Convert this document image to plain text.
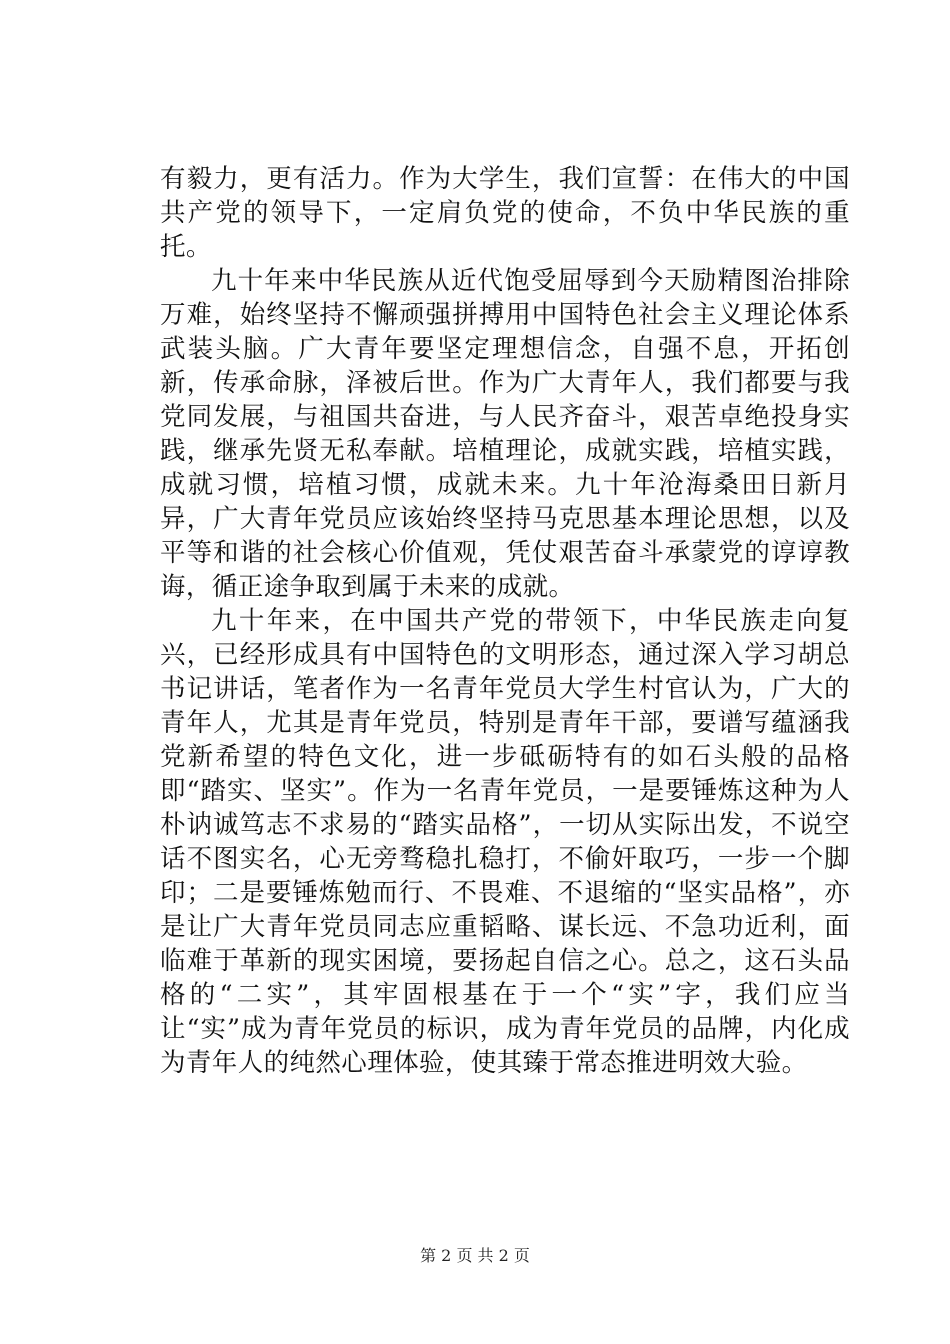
有毅力，更有活力。作为大学生，我们宣誓：在伟大的中国共产党的领导下，一定肩负党的使命，不负中华民族的重托。

九十年来中华民族从近代饱受屈辱到今天励精图治排除万难，始终坚持不懈顽强拼搏用中国特色社会主义理论体系武装头脑。广大青年要坚定理想信念，自强不息，开拓创新，传承命脉，泽被后世。作为广大青年人，我们都要与我党同发展，与祖国共奋进，与人民齐奋斗，艰苦卓绝投身实践，继承先贤无私奉献。培植理论，成就实践，培植实践，成就习惯，培植习惯，成就未来。九十年沧海桑田日新月异，广大青年党员应该始终坚持马克思基本理论思想，以及平等和谐的社会核心价值观，凭仗艰苦奋斗承蒙党的谆谆教诲，循正途争取到属于未来的成就。

九十年来，在中国共产党的带领下，中华民族走向复兴，已经形成具有中国特色的文明形态，通过深入学习胡总书记讲话，笔者作为一名青年党员大学生村官认为，广大的青年人，尤其是青年党员，特别是青年干部，要谱写蕴涵我党新希望的特色文化，进一步砥砺特有的如石头般的品格即“踏实、坚实”。作为一名青年党员，一是要锤炼这种为人朴讷诚笃志不求易的“踏实品格”，一切从实际出发，不说空话不图实名，心无旁骛稳扎稳打，不偷奸取巧，一步一个脚印；二是要锤炼勉而行、不畏难、不退缩的“坚实品格”，亦是让广大青年党员同志应重韬略、谋长远、不急功近利，面临难于革新的现实困境，要扬起自信之心。总之，这石头品格的“二实”，其牢固根基在于一个“实”字，我们应当让“实”成为青年党员的标识，成为青年党员的品牌，内化成为青年人的纯然心理体验，使其臻于常态推进明效大验。

第 2 页 共 2 页
